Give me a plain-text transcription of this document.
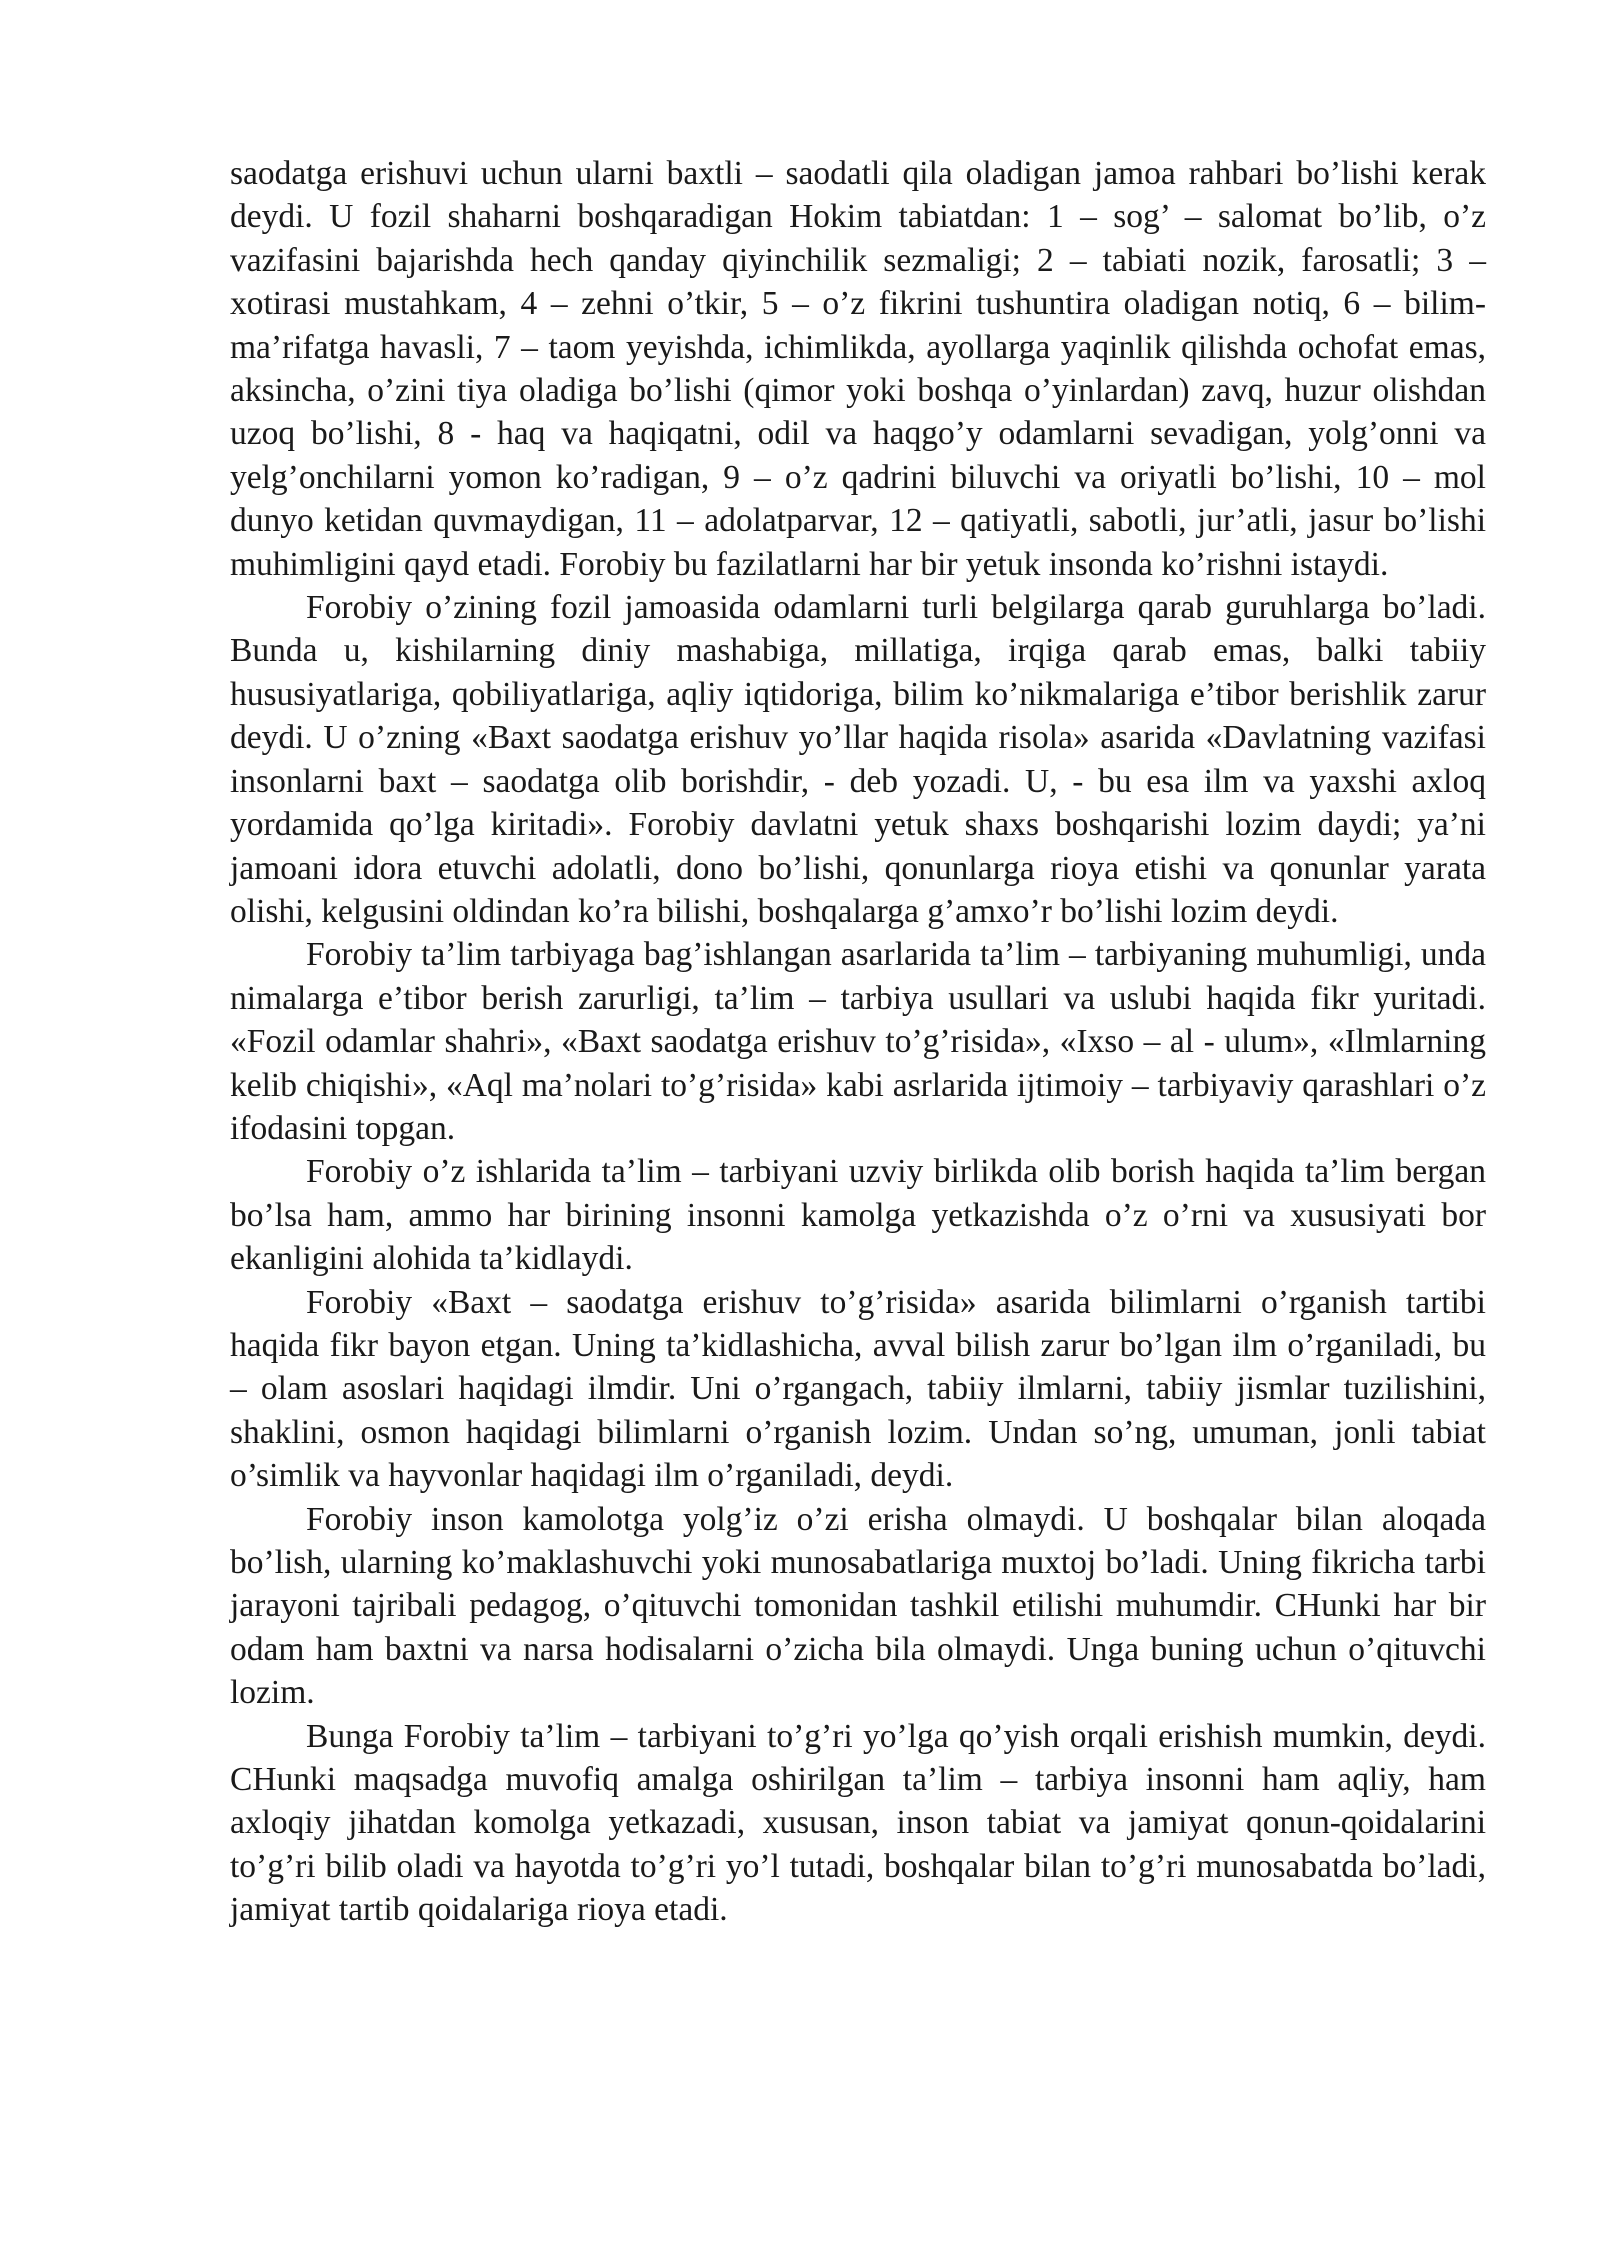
saodatga erishuvi uchun ularni baxtli – saodatli qila oladigan jamoa rahbari bo’lishi kerak deydi. U fozil shaharni boshqaradigan Hokim tabiatdan: 1 – sog’ – salomat bo’lib, o’z vazifasini bajarishda hech qanday qiyinchilik sezmaligi; 2 – tabiati nozik, farosatli; 3 – xotirasi mustahkam, 4 – zehni o’tkir, 5 – o’z fikrini tushuntira oladigan notiq, 6 – bilim-ma’rifatga havasli, 7 – taom yeyishda, ichimlikda, ayollarga yaqinlik qilishda ochofat emas, aksincha, o’zini tiya oladiga bo’lishi (qimor yoki boshqa o’yinlardan) zavq, huzur olishdan uzoq bo’lishi, 8 - haq va haqiqatni, odil va haqgo’y odamlarni sevadigan, yolg’onni va yelg’onchilarni yomon ko’radigan, 9 – o’z qadrini biluvchi va oriyatli bo’lishi, 10 – mol dunyo ketidan quvmaydigan, 11 – adolatparvar, 12 – qatiyatli, sabotli, jur’atli, jasur bo’lishi muhimligini qayd etadi. Forobiy bu fazilatlarni har bir yetuk insonda ko’rishni istaydi.

Forobiy o’zining fozil jamoasida odamlarni turli belgilarga qarab guruhlarga bo’ladi. Bunda u, kishilarning diniy mashabiga, millatiga, irqiga qarab emas, balki tabiiy hususiyatlariga, qobiliyatlariga, aqliy iqtidoriga, bilim ko’nikmalariga e’tibor berishlik zarur deydi. U o’zning «Baxt saodatga erishuv yo’llar haqida risola» asarida «Davlatning vazifasi insonlarni baxt – saodatga olib borishdir, - deb yozadi. U, - bu esa ilm va yaxshi axloq yordamida qo’lga kiritadi». Forobiy davlatni yetuk shaxs boshqarishi lozim daydi; ya’ni jamoani idora etuvchi adolatli, dono bo’lishi, qonunlarga rioya etishi va qonunlar yarata olishi, kelgusini oldindan ko’ra bilishi, boshqalarga g’amxo’r bo’lishi lozim deydi.

Forobiy ta’lim tarbiyaga bag’ishlangan asarlarida ta’lim – tarbiyaning muhumligi, unda nimalarga e’tibor berish zarurligi, ta’lim – tarbiya usullari va uslubi haqida fikr yuritadi. «Fozil odamlar shahri», «Baxt saodatga erishuv to’g’risida», «Ixso – al - ulum», «Ilmlarning kelib chiqishi», «Aql ma’nolari to’g’risida» kabi asrlarida ijtimoiy – tarbiyaviy qarashlari o’z ifodasini topgan.

Forobiy o’z ishlarida ta’lim – tarbiyani uzviy birlikda olib borish haqida ta’lim bergan bo’lsa ham, ammo har birining insonni kamolga yetkazishda o’z o’rni va xususiyati bor ekanligini alohida ta’kidlaydi.

Forobiy «Baxt – saodatga erishuv to’g’risida» asarida bilimlarni o’rganish tartibi haqida fikr bayon etgan. Uning ta’kidlashicha, avval bilish zarur bo’lgan ilm o’rganiladi, bu – olam asoslari haqidagi ilmdir. Uni o’rgangach, tabiiy ilmlarni, tabiiy jismlar tuzilishini, shaklini, osmon haqidagi bilimlarni o’rganish lozim. Undan so’ng, umuman, jonli tabiat o’simlik va hayvonlar haqidagi ilm o’rganiladi, deydi.

Forobiy inson kamolotga yolg’iz o’zi erisha olmaydi. U boshqalar bilan aloqada bo’lish, ularning ko’maklashuvchi yoki munosabatlariga muxtoj bo’ladi. Uning fikricha tarbi jarayoni tajribali pedagog, o’qituvchi tomonidan tashkil etilishi muhumdir. CHunki har bir odam ham baxtni va narsa hodisalarni o’zicha bila olmaydi. Unga buning uchun o’qituvchi lozim.

Bunga Forobiy ta’lim – tarbiyani to’g’ri yo’lga qo’yish orqali erishish mumkin, deydi. CHunki maqsadga muvofiq amalga oshirilgan ta’lim – tarbiya insonni ham aqliy, ham axloqiy jihatdan komolga yetkazadi, xususan, inson tabiat va jamiyat qonun-qoidalarini to’g’ri bilib oladi va hayotda to’g’ri yo’l tutadi, boshqalar bilan to’g’ri munosabatda bo’ladi, jamiyat tartib qoidalariga rioya etadi.
